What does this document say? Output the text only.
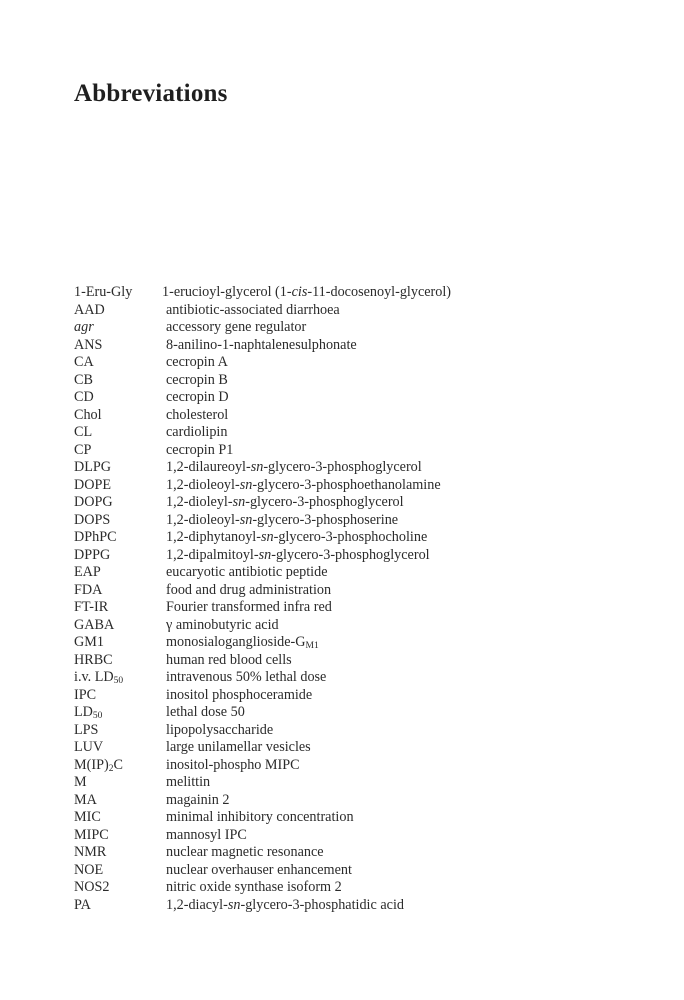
Abbreviations
1-Eru-Gly	1-erucioyl-glycerol (1-cis-11-docosenoyl-glycerol)
AAD	antibiotic-associated diarrhoea
agr	accessory gene regulator
ANS	8-anilino-1-naphtalenesulphonate
CA	cecropin A
CB	cecropin B
CD	cecropin D
Chol	cholesterol
CL	cardiolipin
CP	cecropin P1
DLPG	1,2-dilaureoyl-sn-glycero-3-phosphoglycerol
DOPE	1,2-dioleoyl-sn-glycero-3-phosphoethanolamine
DOPG	1,2-dioleyl-sn-glycero-3-phosphoglycerol
DOPS	1,2-dioleoyl-sn-glycero-3-phosphoserine
DPhPC	1,2-diphytanoyl-sn-glycero-3-phosphocholine
DPPG	1,2-dipalmitoyl-sn-glycero-3-phosphoglycerol
EAP	eucaryotic antibiotic peptide
FDA	food and drug administration
FT-IR	Fourier transformed infra red
GABA	γ aminobutyric acid
GM1	monosialoganglioside-$G_{M1}$
HRBC	human red blood cells
i.v. $LD_{50}$	intravenous 50% lethal dose
IPC	inositol phosphoceramide
$LD_{50}$	lethal dose 50
LPS	lipopolysaccharide
LUV	large unilamellar vesicles
$M(IP)_2C$	inositol-phospho MIPC
M	melittin
MA	magainin 2
MIC	minimal inhibitory concentration
MIPC	mannosyl IPC
NMR	nuclear magnetic resonance
NOE	nuclear overhauser enhancement
NOS2	nitric oxide synthase isoform 2
PA	1,2-diacyl-sn-glycero-3-phosphatidic acid
